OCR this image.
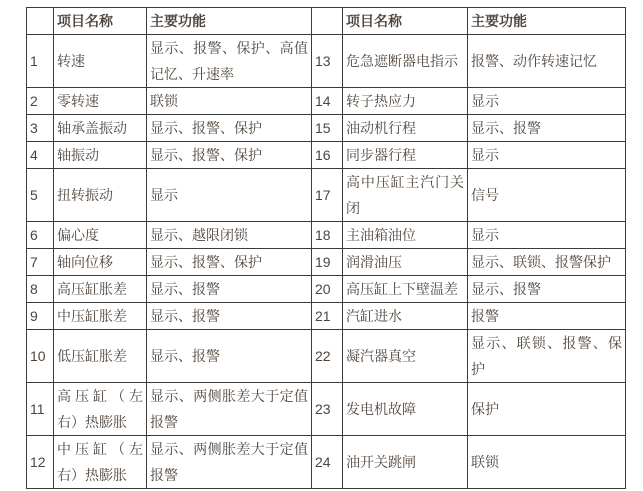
	项目名称	主要功能		项目名称	主要功能
1	转速	显示、报警、保护、高值记忆、升速率	13	危急遮断器电指示	报警、动作转速记忆
2	零转速	联锁	14	转子热应力	显示
3	轴承盖振动	显示、报警、保护	15	油动机行程	显示、报警
4	轴振动	显示、报警、保护	16	同步器行程	显示
5	扭转振动	显示	17	高中压缸主汽门关闭	信号
6	偏心度	显示、越限闭锁	18	主油箱油位	显示
7	轴向位移	显示、报警、保护	19	润滑油压	显示、联锁、报警保护
8	高压缸胀差	显示、报警	20	高压缸上下壁温差	显示、报警
9	中压缸胀差	显示、报警	21	汽缸进水	报警
10	低压缸胀差	显示、报警	22	凝汽器真空	显示、联锁、报警、保护
11	高压缸（左右）热膨胀	显示、两侧胀差大于定值报警	23	发电机故障	保护
12	中压缸（左右）热膨胀	显示、两侧胀差大于定值报警	24	油开关跳闸	联锁
